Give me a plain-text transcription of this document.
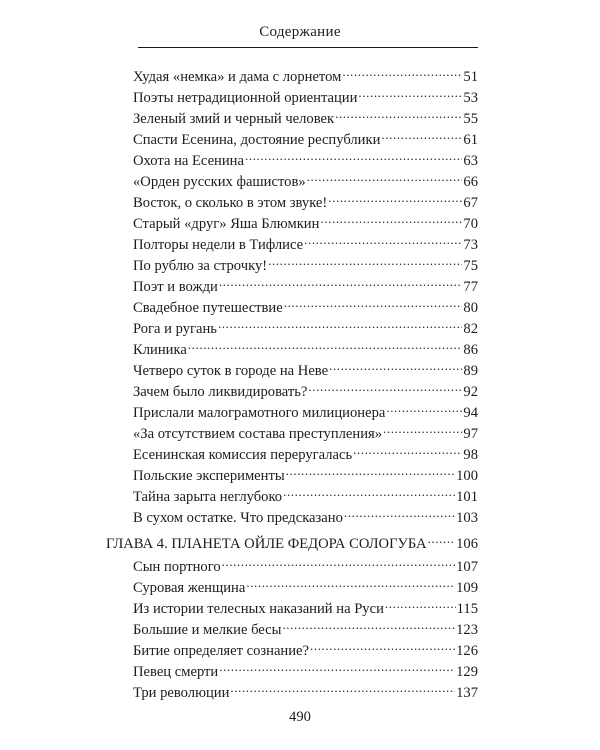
Содержание
Худая «немка» и дама с лорнетом .....	51
Поэты нетрадиционной ориентации .....	53
Зеленый змий и черный человек .....	55
Спасти Есенина, достояние республики .....	61
Охота на Есенина .....	63
«Орден русских фашистов» .....	66
Восток, о сколько в этом звуке! .....	67
Старый «друг» Яша Блюмкин .....	70
Полторы недели в Тифлисе .....	73
По рублю за строчку! .....	75
Поэт и вожди .....	77
Свадебное путешествие .....	80
Рога и ругань .....	82
Клиника .....	86
Четверо суток в городе на Неве .....	89
Зачем было ликвидировать? .....	92
Прислали малограмотного милиционера .....	94
«За отсутствием состава преступления» .....	97
Есенинская комиссия переругалась .....	98
Польские эксперименты .....	100
Тайна зарыта неглубоко .....	101
В сухом остатке. Что предсказано .....	103
ГЛАВА 4. ПЛАНЕТА ОЙЛЕ ФЕДОРА СОЛОГУБА ..... 106
Сын портного .....	107
Суровая женщина .....	109
Из истории телесных наказаний на Руси .....	115
Большие и мелкие бесы .....	123
Битие определяет сознание? .....	126
Певец смерти .....	129
Три революции .....	137
490
